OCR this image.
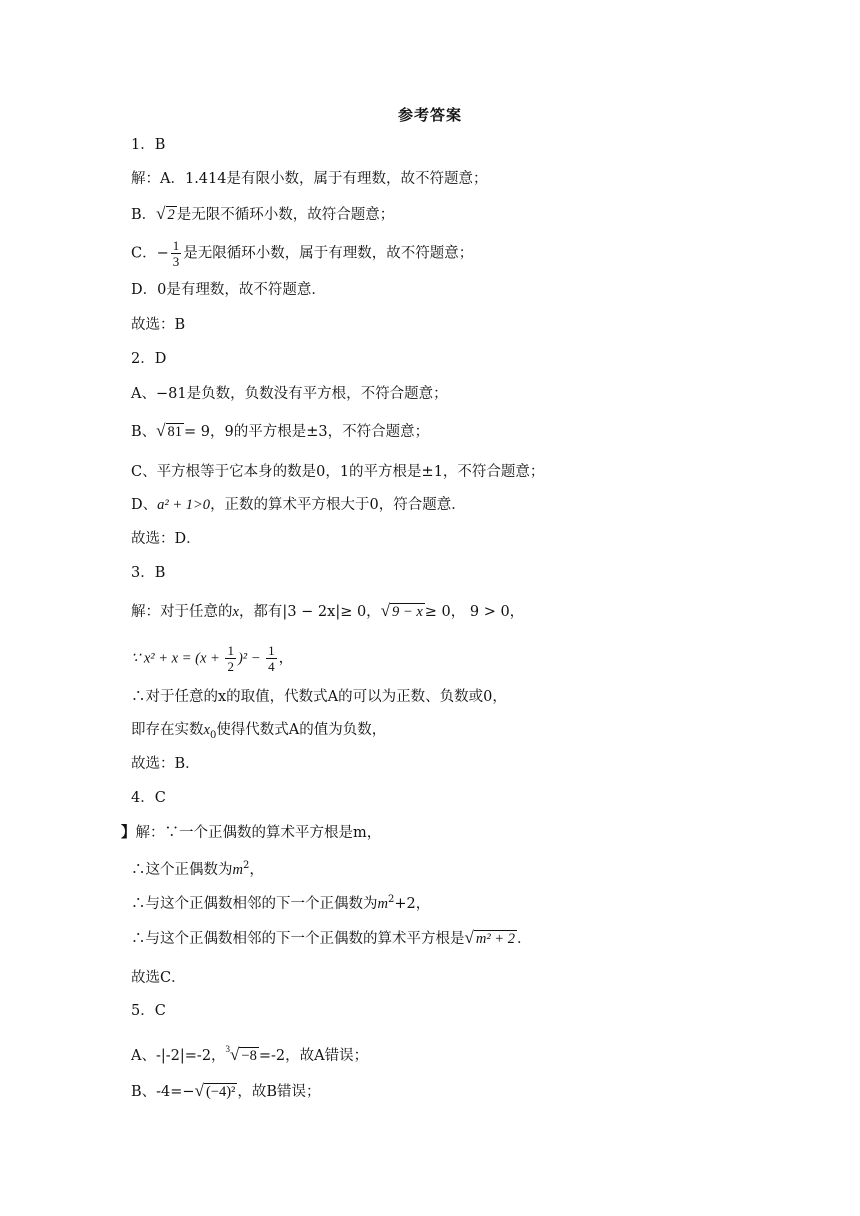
参考答案
1．B
解：A．1.414是有限小数，属于有理数，故不符题意；
B．√ 2 是无限不循环小数，故符合题意；
C．− $\frac{1}{3}$ 是无限循环小数，属于有理数，故不符题意；
D．0是有理数，故不符题意．
故选：B
2．D
A、−81是负数，负数没有平方根，不符合题意；
B、√ 81 = 9，9的平方根是±3，不符合题意；
C、平方根等于它本身的数是0，1的平方根是±1，不符合题意；
D、a² + 1>0，正数的算术平方根大于0，符合题意．
故选：D．
3．B
解：对于任意的x，都有|3 − 2x|≥ 0，√ 9 − x ≥ 0， 9 > 0，
∵ $x^2 + x = (x + \frac{1}{2} )^2 - \frac{1}{4}$ ，
∴对于任意的x的取值，代数式A的可以为正数、负数或0，
即存在实数$x_0$使得代数式A的值为负数，
故选：B．
4．C
】解：∵一个正偶数的算术平方根是m，
∴这个正偶数为$m^2$，
∴与这个正偶数相邻的下一个正偶数为$m^2+2$，
∴与这个正偶数相邻的下一个正偶数的算术平方根是√ m² + 2 ．
故选C．
5．C
A、-|-2|=-2，$^3$√ −8 =-2，故A错误；
B、-4=−√ (−4)² ，故B错误；
